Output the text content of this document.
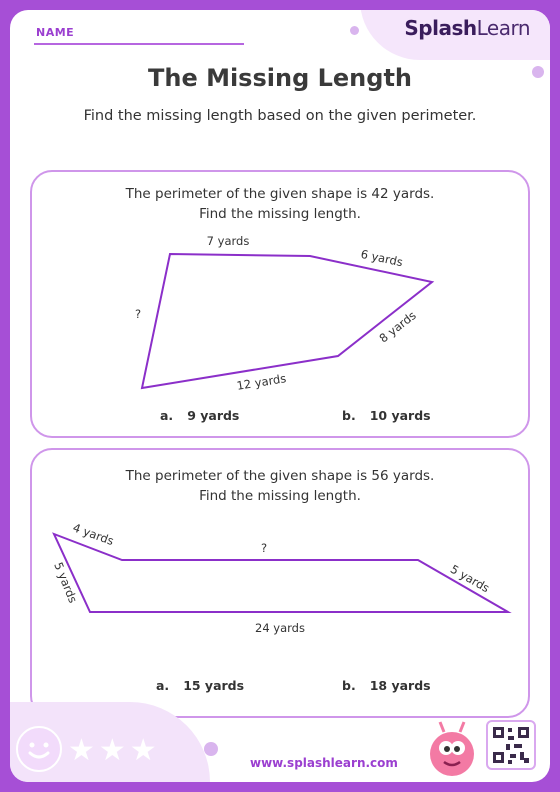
NAME	SplashLearn
The Missing Length
Find the missing length based on the given perimeter.
The perimeter of the given shape is 42 yards.
Find the missing length.
7 yards
6 yards
8 yards
12 yards
?
a. 9 yards	b. 10 yards
The perimeter of the given shape is 56 yards.
Find the missing length.
4 yards	?
5 yards
24 yards
5 yards
a. 15 yards	b. 18 yards
★★★	www.splashlearn.com
